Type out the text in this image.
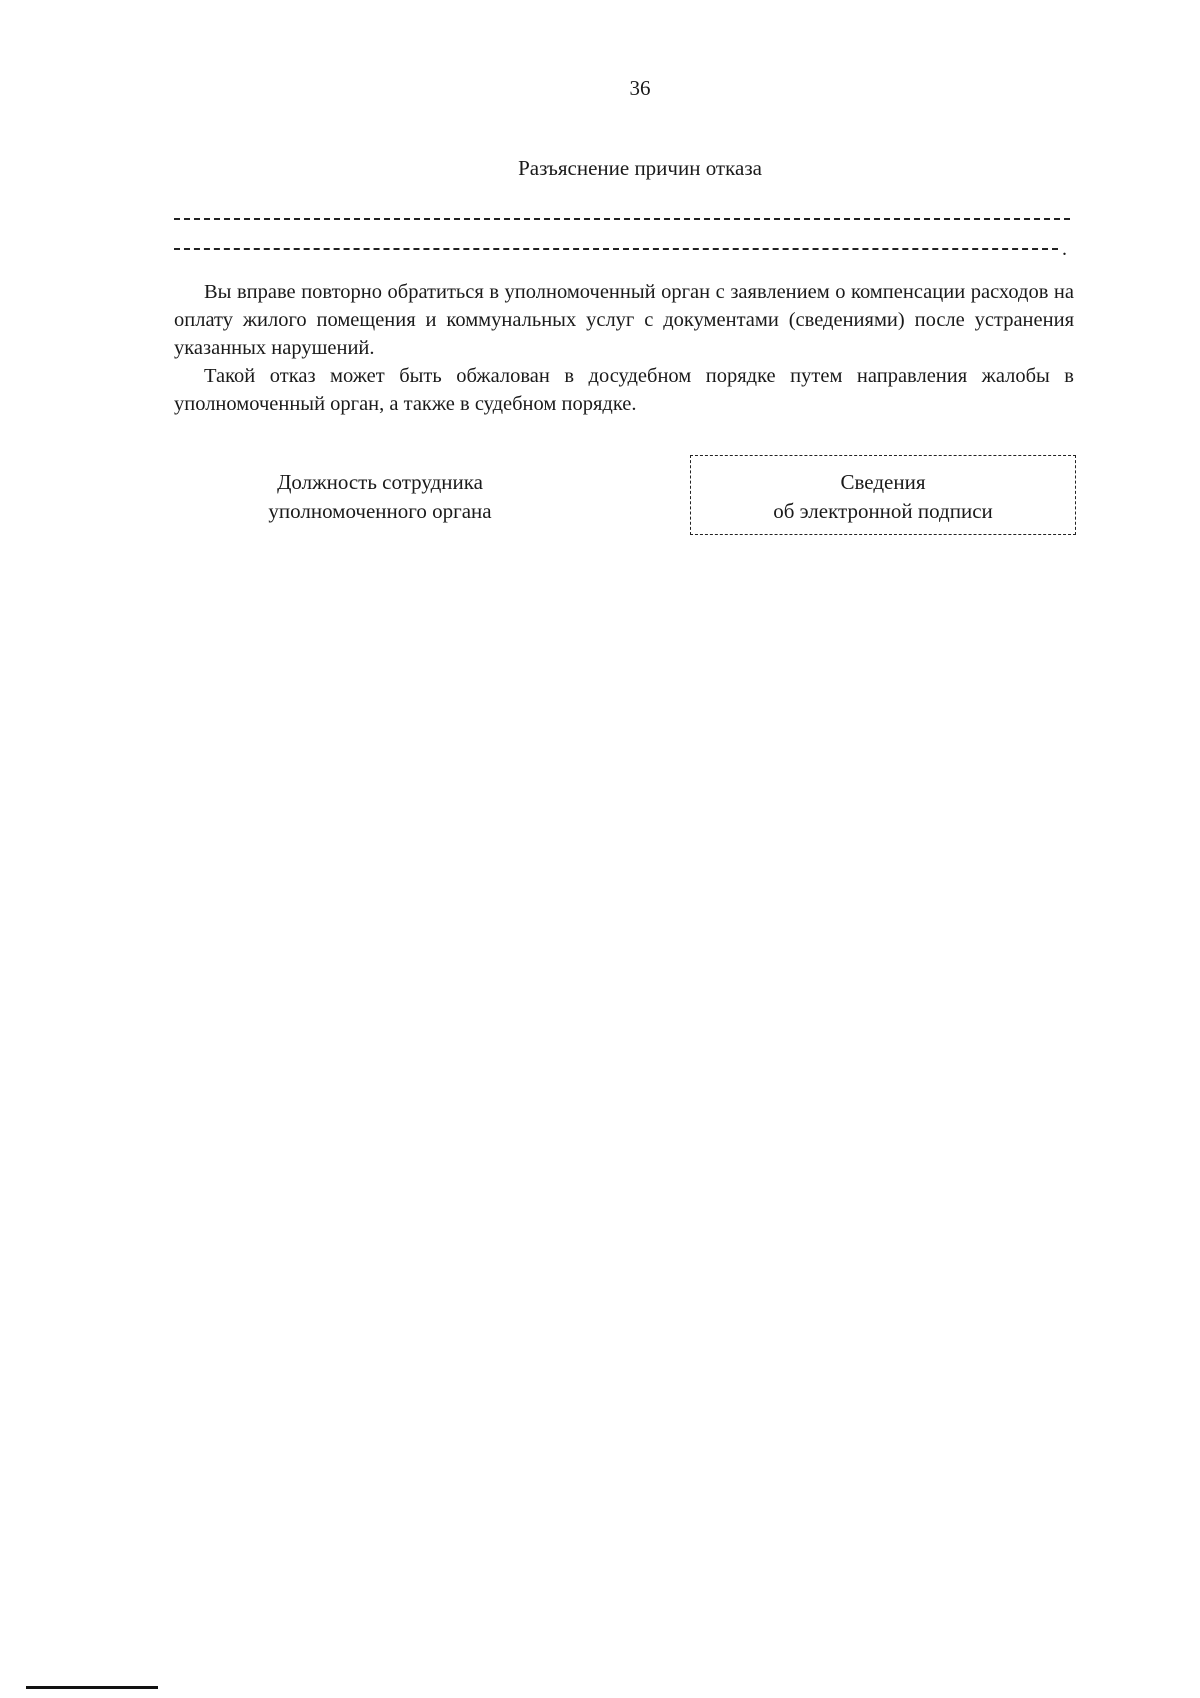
36
Разъяснение причин отказа
.

Вы вправе повторно обратиться в уполномоченный орган с заявлением о компенсации расходов на оплату жилого помещения и коммунальных услуг с документами (сведениями) после устранения указанных нарушений.

Такой отказ может быть обжалован в досудебном порядке путем направления жалобы в уполномоченный орган, а также в судебном порядке.

Должность сотрудника
уполномоченного органа
Сведения
об электронной подписи
